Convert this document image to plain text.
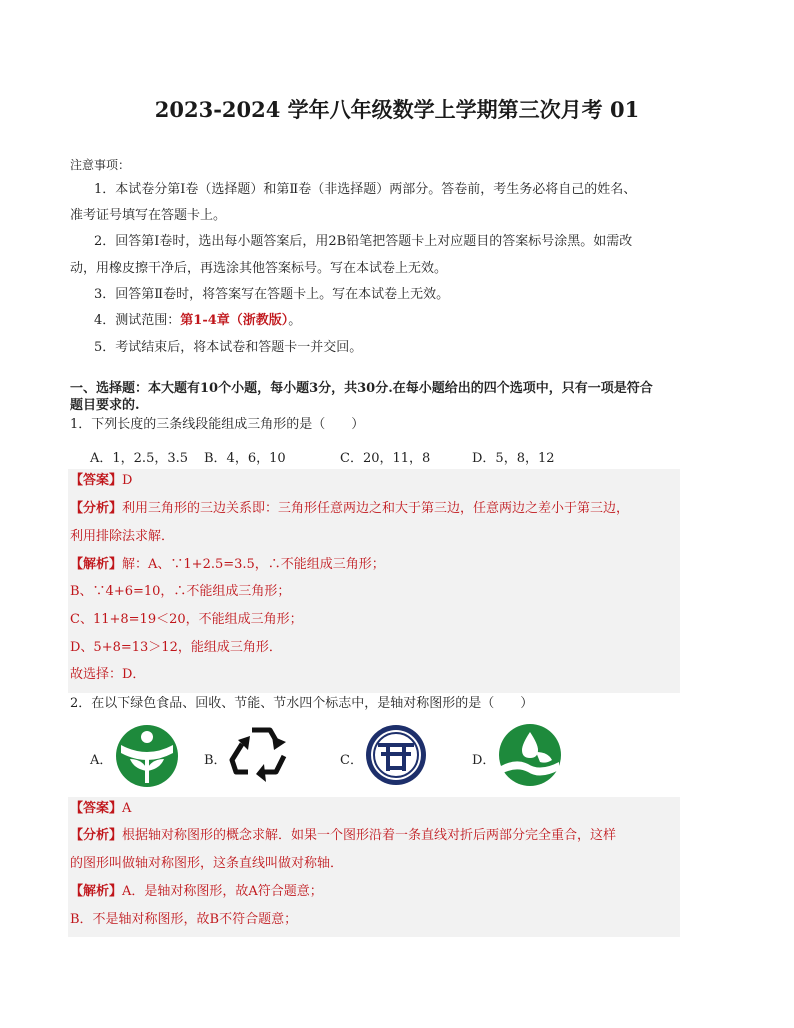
2023-2024 学年八年级数学上学期第三次月考 01
注意事项：
1．本试卷分第Ⅰ卷（选择题）和第Ⅱ卷（非选择题）两部分。答卷前，考生务必将自己的姓名、
准考证号填写在答题卡上。
2．回答第Ⅰ卷时，选出每小题答案后，用2B铅笔把答题卡上对应题目的答案标号涂黑。如需改
动，用橡皮擦干净后，再选涂其他答案标号。写在本试卷上无效。
3．回答第Ⅱ卷时，将答案写在答题卡上。写在本试卷上无效。
4．测试范围：第1-4章（浙教版）。
5．考试结束后，将本试卷和答题卡一并交回。
一、选择题：本大题有10个小题，每小题3分，共30分.在每小题给出的四个选项中，只有一项是符合
题目要求的.
1．下列长度的三条线段能组成三角形的是（　　）
A．1，2.5，3.5 B．4，6，10	C．20，11，8	D．5，8，12
【答案】D
【分析】利用三角形的三边关系即：三角形任意两边之和大于第三边，任意两边之差小于第三边，
利用排除法求解．
【解析】解：A、∵1+2.5=3.5，∴不能组成三角形；
B、∵4+6=10，∴不能组成三角形；
C、11+8=19＜20，不能组成三角形；
D、5+8=13＞12，能组成三角形．
故选择：D．
2．在以下绿色食品、回收、节能、节水四个标志中，是轴对称图形的是（　　）
A．	B．	C．	D．
【答案】A
【分析】根据轴对称图形的概念求解．如果一个图形沿着一条直线对折后两部分完全重合，这样
的图形叫做轴对称图形，这条直线叫做对称轴．
【解析】A．是轴对称图形，故A符合题意；
B．不是轴对称图形，故B不符合题意；
